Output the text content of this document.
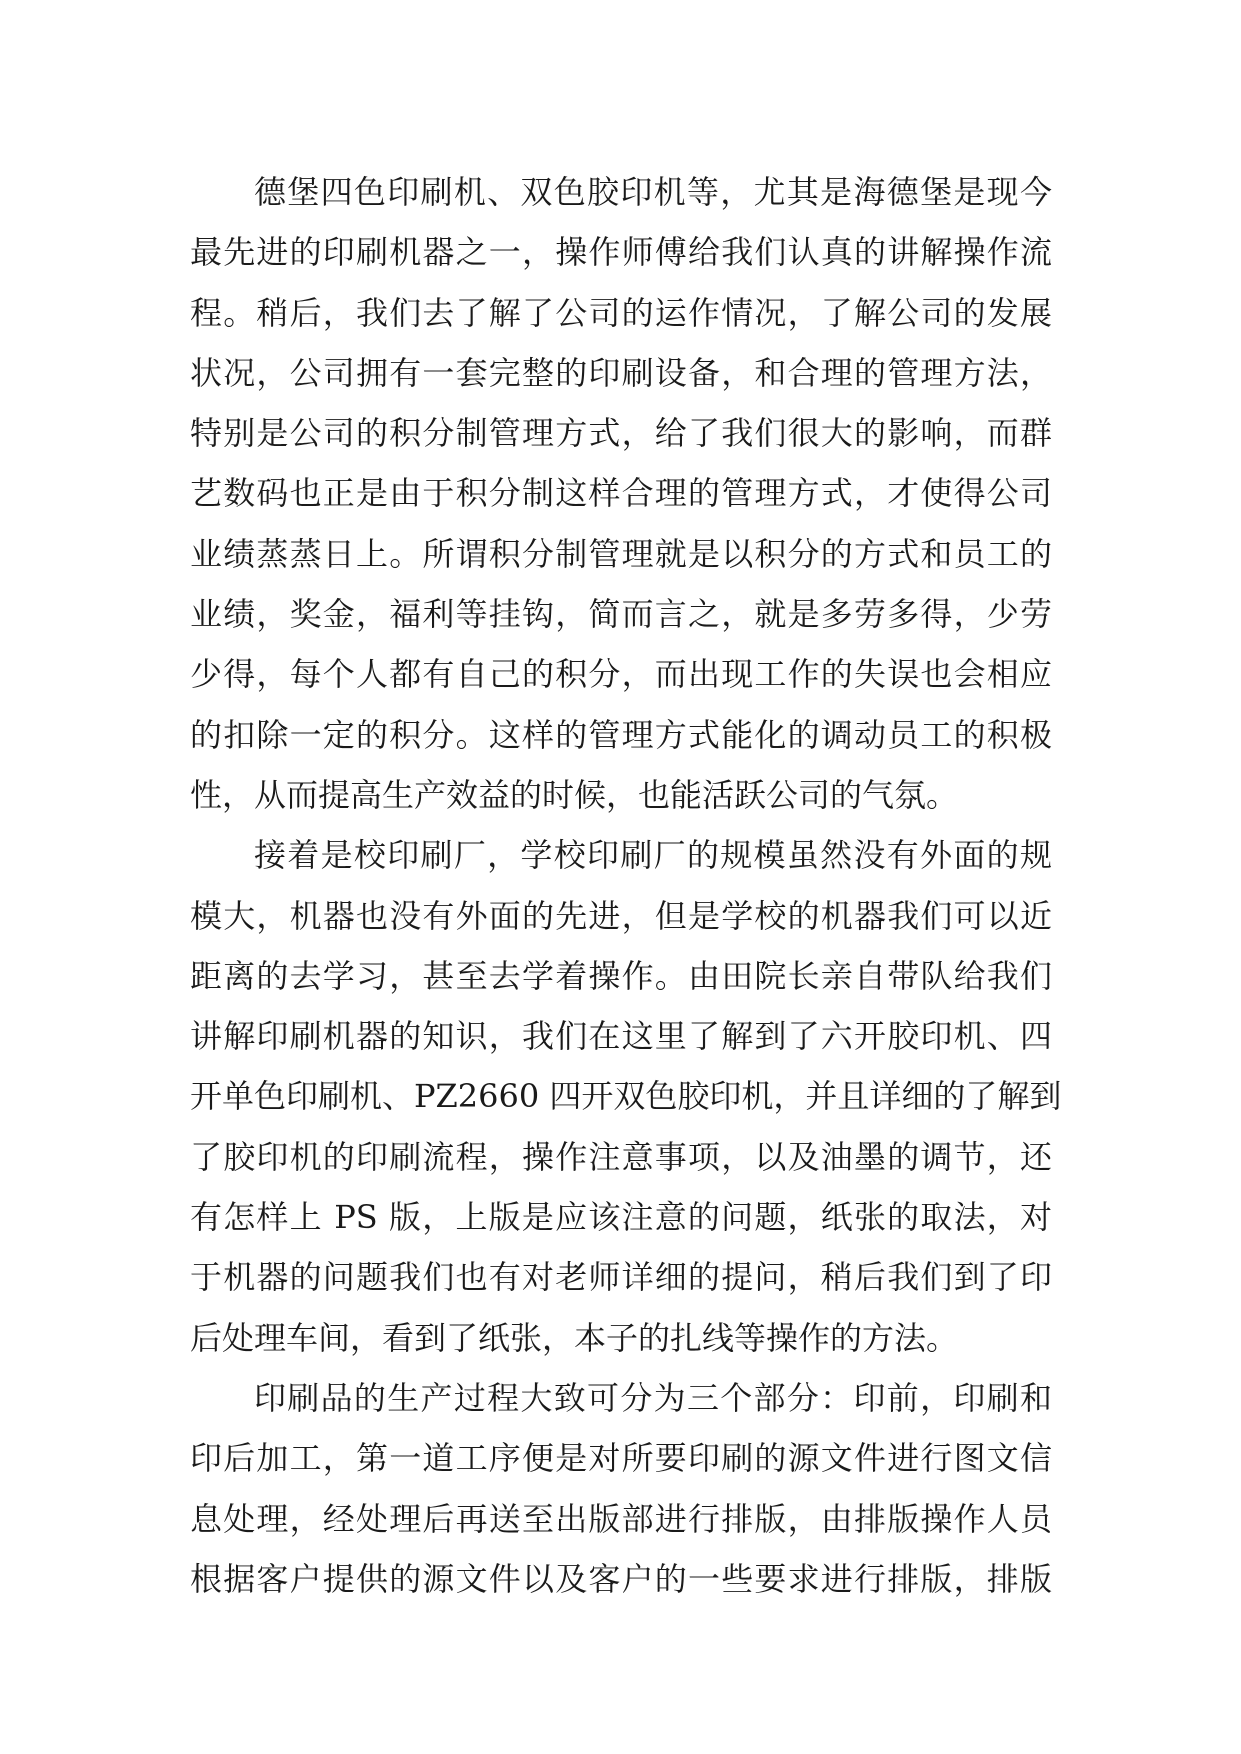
德堡四色印刷机、双色胶印机等，尤其是海德堡是现今
最先进的印刷机器之一，操作师傅给我们认真的讲解操作流
程。稍后，我们去了解了公司的运作情况，了解公司的发展
状况，公司拥有一套完整的印刷设备，和合理的管理方法，
特别是公司的积分制管理方式，给了我们很大的影响，而群
艺数码也正是由于积分制这样合理的管理方式，才使得公司
业绩蒸蒸日上。所谓积分制管理就是以积分的方式和员工的
业绩，奖金，福利等挂钩，简而言之，就是多劳多得，少劳
少得，每个人都有自己的积分，而出现工作的失误也会相应
的扣除一定的积分。这样的管理方式能化的调动员工的积极
性，从而提高生产效益的时候，也能活跃公司的气氛。
接着是校印刷厂，学校印刷厂的规模虽然没有外面的规
模大，机器也没有外面的先进，但是学校的机器我们可以近
距离的去学习，甚至去学着操作。由田院长亲自带队给我们
讲解印刷机器的知识，我们在这里了解到了六开胶印机、四
开单色印刷机、PZ2660 四开双色胶印机，并且详细的了解到
了胶印机的印刷流程，操作注意事项，以及油墨的调节，还
有怎样上 PS 版，上版是应该注意的问题，纸张的取法，对
于机器的问题我们也有对老师详细的提问，稍后我们到了印
后处理车间，看到了纸张，本子的扎线等操作的方法。
印刷品的生产过程大致可分为三个部分：印前，印刷和
印后加工，第一道工序便是对所要印刷的源文件进行图文信
息处理，经处理后再送至出版部进行排版，由排版操作人员
根据客户提供的源文件以及客户的一些要求进行排版，排版
